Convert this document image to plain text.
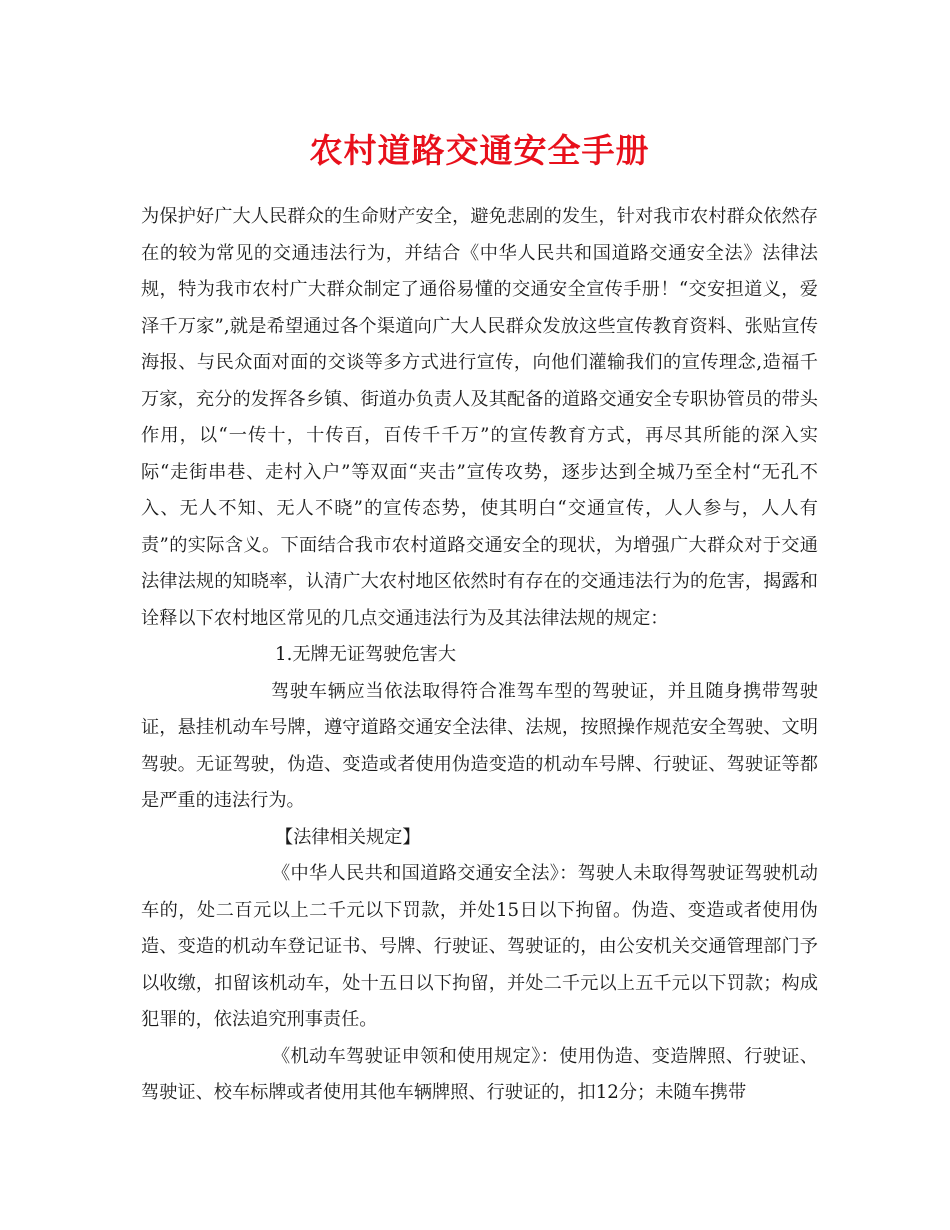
农村道路交通安全手册

为保护好广大人民群众的生命财产安全，避免悲剧的发生，针对我市农村群众依然存在的较为常见的交通违法行为，并结合《中华人民共和国道路交通安全法》法律法规，特为我市农村广大群众制定了通俗易懂的交通安全宣传手册！“交安担道义，爱泽千万家”,就是希望通过各个渠道向广大人民群众发放这些宣传教育资料、张贴宣传海报、与民众面对面的交谈等多方式进行宣传，向他们灌输我们的宣传理念,造福千万家，充分的发挥各乡镇、街道办负责人及其配备的道路交通安全专职协管员的带头作用，以“一传十，十传百，百传千千万”的宣传教育方式，再尽其所能的深入实际“走街串巷、走村入户”等双面“夹击”宣传攻势，逐步达到全城乃至全村“无孔不入、无人不知、无人不晓”的宣传态势，使其明白“交通宣传，人人参与，人人有责”的实际含义。下面结合我市农村道路交通安全的现状，为增强广大群众对于交通法律法规的知晓率，认清广大农村地区依然时有存在的交通违法行为的危害，揭露和诠释以下农村地区常见的几点交通违法行为及其法律法规的规定：

1.无牌无证驾驶危害大

驾驶车辆应当依法取得符合准驾车型的驾驶证，并且随身携带驾驶证，悬挂机动车号牌，遵守道路交通安全法律、法规，按照操作规范安全驾驶、文明驾驶。无证驾驶，伪造、变造或者使用伪造变造的机动车号牌、行驶证、驾驶证等都是严重的违法行为。

【法律相关规定】

《中华人民共和国道路交通安全法》：驾驶人未取得驾驶证驾驶机动车的，处二百元以上二千元以下罚款，并处15日以下拘留。伪造、变造或者使用伪造、变造的机动车登记证书、号牌、行驶证、驾驶证的，由公安机关交通管理部门予以收缴，扣留该机动车，处十五日以下拘留，并处二千元以上五千元以下罚款；构成犯罪的，依法追究刑事责任。

《机动车驾驶证申领和使用规定》：使用伪造、变造牌照、行驶证、驾驶证、校车标牌或者使用其他车辆牌照、行驶证的，扣12分；未随车携带
